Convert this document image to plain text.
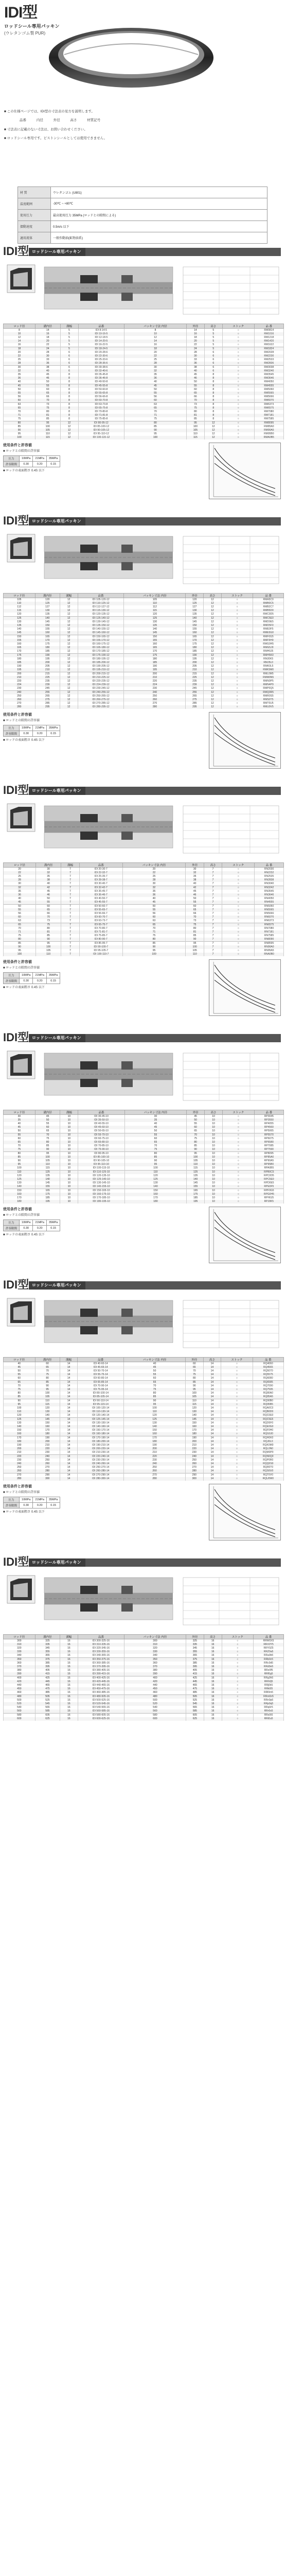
IDI型
ロッドシール専用パッキン
(ウレタンゴム製 PUR)
■ この仕様ページでは、IDI型の寸法表の見方を説明します。
品番	内径	外径	高さ	材質記号
■ 寸法表に記載のない寸法は、お問い合わせください。
■ ロッドシール専用です。ピストンシールとしては使用できません。
材 質	ウレタンゴム (U801)
温度範囲	-30℃ ~ +80℃
使用圧力	最高使用圧力 35MPa (ロッドとの隙間による)
摺動速度	0.5m/s 以下
適用流体	一般作動油(鉱物油系)
IDI型 ロッドシール専用パッキン
ロッド径	溝内径	溝幅	品番	パッキン寸法 内径	外径	高さ	ストック	品 番
8	14	5	IDI 8-14-5	8	14	5	○	RM0814
10	16	5	IDI 10-16-5	10	16	5	○	RM1016
12	18	5	IDI 12-18-5	12	18	5	○	RM1218
14	20	5	IDI 14-20-5	14	20	5	○	RM1420
16	22	5	IDI 16-22-5	16	22	5	○	RM1622
18	24	5	IDI 18-24-5	18	24	5	○	RM1824
20	28	6	IDI 20-28-6	20	28	6	○	RM2028
22	30	6	IDI 22-30-6	22	30	6	○	RM2230
25	33	6	IDI 25-33-6	25	33	6	○	RM2533
28	36	6	IDI 28-36-6	28	36	6	○	RM2836
30	38	6	IDI 30-38-6	30	38	6	○	RM3038
32	40	6	IDI 32-40-6	32	40	6	○	RM3240
35	45	8	IDI 35-45-8	35	45	8	○	RM3545
36	46	8	IDI 36-46-8	36	46	8	○	RM3646
40	50	8	IDI 40-50-8	40	50	8	○	RM4050
45	55	8	IDI 45-55-8	45	55	8	○	RM4555
50	60	8	IDI 50-60-8	50	60	8	○	RM5060
55	65	8	IDI 55-65-8	55	65	8	○	RM5565
56	66	8	IDI 56-66-8	56	66	8	○	RM5666
60	70	8	IDI 60-70-8	60	70	8	○	RM6070
63	73	8	IDI 63-73-8	63	73	8	○	RM6373
65	75	8	IDI 65-75-8	65	75	8	○	RM6575
70	80	8	IDI 70-80-8	70	80	8	○	RM7080
71	81	8	IDI 71-81-8	71	81	8	○	RM7181
75	85	8	IDI 75-85-8	75	85	8	○	RM7585
80	95	12	IDI 80-95-12	80	95	12	○	RM8095
85	100	12	IDI 85-100-12	85	100	12	○	RM85A0
90	105	12	IDI 90-105-12	90	105	12	○	RM90A5
95	110	12	IDI 95-110-12	95	110	12	○	RM95B0
100	115	12	IDI 100-115-12	100	115	12	○	RMA0B5
使用条件と許容値
■ ロッドとの隙間の許容値
圧力	10MPa	21MPa	35MPa
許容隙間	0.30	0.20	0.15
■ ロッドの表面粗さ 0.4S 以下
IDI型 ロッドシール専用パッキン
ロッド径	溝内径	溝幅	品番	パッキン寸法 内径	外径	高さ	ストック	品 番
105	120	12	IDI 105-120-12	105	120	12	○	RMA5C0
110	125	12	IDI 110-125-12	110	125	12	○	RMB0C5
112	127	12	IDI 112-127-12	112	127	12	○	RMB2C7
115	130	12	IDI 115-130-12	115	130	12	○	RMB5D0
120	135	12	IDI 120-135-12	120	135	12	○	RMC0D5
125	140	12	IDI 125-140-12	125	140	12	○	RMC5E0
130	145	12	IDI 130-145-12	130	145	12	○	RMD0E5
135	150	12	IDI 135-150-12	135	150	12	○	RMD5F0
140	155	12	IDI 140-155-12	140	155	12	○	RME0F5
145	160	12	IDI 145-160-12	145	160	12	○	RME5G0
150	165	12	IDI 150-165-12	150	165	12	○	RMF0G5
155	170	12	IDI 155-170-12	155	170	12	○	RMF5H0
160	175	12	IDI 160-175-12	160	175	12	○	RMG0H5
165	180	12	IDI 165-180-12	165	180	12	○	RMG5J0
170	185	12	IDI 170-185-12	170	185	12	○	RMH0J5
175	190	12	IDI 175-190-12	175	190	12	○	RMH5K0
180	195	12	IDI 180-195-12	180	195	12	○	RMJ0K5
185	200	12	IDI 185-200-12	185	200	12	○	RMJ5L0
190	205	12	IDI 190-205-12	190	205	12	○	RMK0L5
195	210	12	IDI 195-210-12	195	210	12	○	RMK5M0
200	215	12	IDI 200-215-12	200	215	12	○	RML0M5
210	225	12	IDI 210-225-12	210	225	12	○	RMM0N5
220	235	12	IDI 220-235-12	220	235	12	○	RMN0P5
224	239	12	IDI 224-239-12	224	239	12	○	RMN4P9
230	245	12	IDI 230-245-12	230	245	12	○	RMP0Q5
240	255	12	IDI 240-255-12	240	255	12	○	RMQ0R5
250	265	12	IDI 250-265-12	250	265	12	○	RMR0S5
260	275	12	IDI 260-275-12	260	275	12	○	RMS0T5
270	285	12	IDI 270-285-12	270	285	12	○	RMT0U5
280	295	12	IDI 280-295-12	280	295	12	○	RMU0V5
使用条件と許容値
■ ロッドとの隙間の許容値
圧力	10MPa	21MPa	35MPa
許容隙間	0.30	0.20	0.15
■ ロッドの表面粗さ 0.4S 以下
IDI型 ロッドシール専用パッキン
ロッド径	溝内径	溝幅	品番	パッキン寸法 内径	外径	高さ	ストック	品 番
20	30	7	IDI 20-30-7	20	30	7	○	RN2030
22	32	7	IDI 22-32-7	22	32	7	○	RN2232
25	35	7	IDI 25-35-7	25	35	7	○	RN2535
28	38	7	IDI 28-38-7	28	38	7	○	RN2838
30	40	7	IDI 30-40-7	30	40	7	○	RN3040
32	42	7	IDI 32-42-7	32	42	7	○	RN3242
35	45	7	IDI 35-45-7	35	45	7	○	RN3545
36	46	7	IDI 36-46-7	36	46	7	○	RN3646
40	50	7	IDI 40-50-7	40	50	7	○	RN4050
45	55	7	IDI 45-55-7	45	55	7	○	RN4555
50	60	7	IDI 50-60-7	50	60	7	○	RN5060
55	65	7	IDI 55-65-7	55	65	7	○	RN5565
56	66	7	IDI 56-66-7	56	66	7	○	RN5666
60	70	7	IDI 60-70-7	60	70	7	○	RN6070
63	73	7	IDI 63-73-7	63	73	7	○	RN6373
65	75	7	IDI 65-75-7	65	75	7	○	RN6575
70	80	7	IDI 70-80-7	70	80	7	○	RN7080
71	81	7	IDI 71-81-7	71	81	7	○	RN7181
75	85	7	IDI 75-85-7	75	85	7	○	RN7585
80	90	7	IDI 80-90-7	80	90	7	○	RN8090
85	95	7	IDI 85-95-7	85	95	7	○	RN8595
90	100	7	IDI 90-100-7	90	100	7	○	RN90A0
95	105	7	IDI 95-105-7	95	105	7	○	RN95A5
100	110	7	IDI 100-110-7	100	110	7	○	RNA0B0
使用条件と許容値
■ ロッドとの隙間の許容値
圧力	10MPa	21MPa	35MPa
許容隙間	0.30	0.20	0.15
■ ロッドの表面粗さ 0.4S 以下
IDI型 ロッドシール専用パッキン
ロッド径	溝内径	溝幅	品番	パッキン寸法 内径	外径	高さ	ストック	品 番
30	45	10	IDI 30-45-10	30	45	10	○	RP3045
35	50	10	IDI 35-50-10	35	50	10	○	RP3550
40	55	10	IDI 40-55-10	40	55	10	○	RP4055
45	60	10	IDI 45-60-10	45	60	10	○	RP4560
50	65	10	IDI 50-65-10	50	65	10	○	RP5065
55	70	10	IDI 55-70-10	55	70	10	○	RP5570
60	75	10	IDI 60-75-10	60	75	10	○	RP6075
65	80	10	IDI 65-80-10	65	80	10	○	RP6580
70	85	10	IDI 70-85-10	70	85	10	○	RP7085
75	90	10	IDI 75-90-10	75	90	10	○	RP7590
80	95	10	IDI 80-95-10	80	95	10	○	RP8095
85	100	10	IDI 85-100-10	85	100	10	○	RP85A0
90	105	10	IDI 90-105-10	90	105	10	○	RP90A5
95	110	10	IDI 95-110-10	95	110	10	○	RP95B0
100	115	10	IDI 100-115-10	100	115	10	○	RPA0B5
110	125	10	IDI 110-125-10	110	125	10	○	RPB0C5
120	135	10	IDI 120-135-10	120	135	10	○	RPC0D5
125	140	10	IDI 125-140-10	125	140	10	○	RPC5E0
130	145	10	IDI 130-145-10	130	145	10	○	RPD0E5
140	155	10	IDI 140-155-10	140	155	10	○	RPE0F5
150	165	10	IDI 150-165-10	150	165	10	○	RPF0G5
160	175	10	IDI 160-175-10	160	175	10	○	RPG0H5
170	185	10	IDI 170-185-10	170	185	10	○	RPH0J5
180	195	10	IDI 180-195-10	180	195	10	○	RPJ0K5
使用条件と許容値
■ ロッドとの隙間の許容値
圧力	10MPa	21MPa	35MPa
許容隙間	0.30	0.20	0.15
■ ロッドの表面粗さ 0.4S 以下
IDI型 ロッドシール専用パッキン
ロッド径	溝内径	溝幅	品番	パッキン寸法 内径	外径	高さ	ストック	品 番
40	60	14	IDI 40-60-14	40	60	14	○	RQ4060
45	65	14	IDI 45-65-14	45	65	14	○	RQ4565
50	70	14	IDI 50-70-14	50	70	14	○	RQ5070
55	75	14	IDI 55-75-14	55	75	14	○	RQ5575
60	80	14	IDI 60-80-14	60	80	14	○	RQ6080
65	85	14	IDI 65-85-14	65	85	14	○	RQ6585
70	90	14	IDI 70-90-14	70	90	14	○	RQ7090
75	95	14	IDI 75-95-14	75	95	14	○	RQ7595
80	100	14	IDI 80-100-14	80	100	14	○	RQ80A0
85	105	14	IDI 85-105-14	85	105	14	○	RQ85A5
90	110	14	IDI 90-110-14	90	110	14	○	RQ90B0
95	115	14	IDI 95-115-14	95	115	14	○	RQ95B5
100	120	14	IDI 100-120-14	100	120	14	○	RQA0C0
110	130	14	IDI 110-130-14	110	130	14	○	RQB0D0
120	140	14	IDI 120-140-14	120	140	14	○	RQC0E0
125	145	14	IDI 125-145-14	125	145	14	○	RQC5E5
130	150	14	IDI 130-150-14	130	150	14	○	RQD0F0
140	160	14	IDI 140-160-14	140	160	14	○	RQE0G0
150	170	14	IDI 150-170-14	150	170	14	○	RQF0H0
160	180	14	IDI 160-180-14	160	180	14	○	RQG0J0
170	190	14	IDI 170-190-14	170	190	14	○	RQH0K0
180	200	14	IDI 180-200-14	180	200	14	○	RQJ0L0
190	210	14	IDI 190-210-14	190	210	14	○	RQK0M0
200	220	14	IDI 200-220-14	200	220	14	○	RQL0N0
210	230	14	IDI 210-230-14	210	230	14	○	RQM0P0
220	240	14	IDI 220-240-14	220	240	14	○	RQN0Q0
230	250	14	IDI 230-250-14	230	250	14	○	RQP0R0
240	260	14	IDI 240-260-14	240	260	14	○	RQQ0S0
250	270	14	IDI 250-270-14	250	270	14	○	RQR0T0
260	280	14	IDI 260-280-14	260	280	14	○	RQS0U0
270	290	14	IDI 270-290-14	270	290	14	○	RQT0V0
280	300	14	IDI 280-300-14	280	300	14	○	RQU0W0
使用条件と許容値
■ ロッドとの隙間の許容値
圧力	10MPa	21MPa	35MPa
許容隙間	0.30	0.20	0.15
■ ロッドの表面粗さ 0.4S 以下
IDI型 ロッドシール専用パッキン
ロッド径	溝内径	溝幅	品番	パッキン寸法 内径	外径	高さ	ストック	品 番
300	325	16	IDI 300-325-16	300	325	16	○	RRW0X5
310	335	16	IDI 310-335-16	310	335	16	○	RRX0Y5
320	345	16	IDI 320-345-16	320	345	16	○	RRY0Z5
330	355	16	IDI 330-355-16	330	355	16	○	RRZ0a5
340	365	16	IDI 340-365-16	340	365	16	○	RRa0b5
350	375	16	IDI 350-375-16	350	375	16	○	RRb0c5
360	385	16	IDI 360-385-16	360	385	16	○	RRc0d5
370	395	16	IDI 370-395-16	370	395	16	○	RRd0e5
380	405	16	IDI 380-405-16	380	405	16	○	RRe0f5
390	415	16	IDI 390-415-16	390	415	16	○	RRf0g5
400	425	16	IDI 400-425-16	400	425	16	○	RRg0h5
420	445	16	IDI 420-445-16	420	445	16	○	RRh0j5
440	465	16	IDI 440-465-16	440	465	16	○	RRj0k5
450	475	16	IDI 450-475-16	450	475	16	○	RRk0l5
460	485	16	IDI 460-485-16	460	485	16	○	RRl0m5
480	505	16	IDI 480-505-16	480	505	16	○	RRm0n5
500	525	16	IDI 500-525-16	500	525	16	○	RRn0p5
520	545	16	IDI 520-545-16	520	545	16	○	RRp0q5
540	565	16	IDI 540-565-16	540	565	16	○	RRq0r5
560	585	16	IDI 560-585-16	560	585	16	○	RRr0s5
580	605	16	IDI 580-605-16	580	605	16	○	RRs0t5
600	625	16	IDI 600-625-16	600	625	16	○	RRt0u5
